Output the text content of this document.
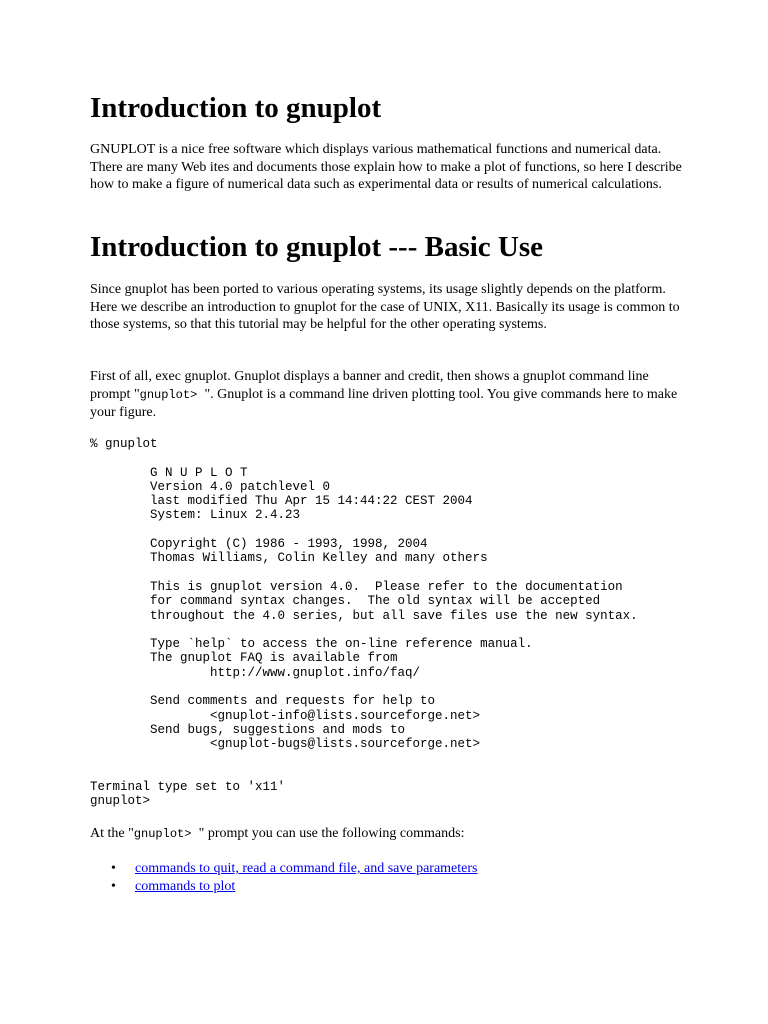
Introduction to gnuplot

GNUPLOT is a nice free software which displays various mathematical functions and numerical data. There are many Web ites and documents those explain how to make a plot of functions, so here I describe how to make a figure of numerical data such as experimental data or results of numerical calculations.

Introduction to gnuplot --- Basic Use

Since gnuplot has been ported to various operating systems, its usage slightly depends on the platform. Here we describe an introduction to gnuplot for the case of UNIX, X11. Basically its usage is common to those systems, so that this tutorial may be helpful for the other operating systems.

First of all, exec gnuplot. Gnuplot displays a banner and credit, then shows a gnuplot command line prompt "gnuplot> ". Gnuplot is a command line driven plotting tool. You give commands here to make your figure.

% gnuplot

G N U P L O T
Version 4.0 patchlevel 0
last modified Thu Apr 15 14:44:22 CEST 2004
System: Linux 2.4.23

Copyright (C) 1986 - 1993, 1998, 2004
Thomas Williams, Colin Kelley and many others

This is gnuplot version 4.0.  Please refer to the documentation
for command syntax changes.  The old syntax will be accepted
throughout the 4.0 series, but all save files use the new syntax.

Type `help` to access the on-line reference manual.
The gnuplot FAQ is available from
http://www.gnuplot.info/faq/

Send comments and requests for help to
<gnuplot-info@lists.sourceforge.net>
Send bugs, suggestions and mods to
<gnuplot-bugs@lists.sourceforge.net>

Terminal type set to 'x11'
gnuplot>

At the "gnuplot> " prompt you can use the following commands:

• commands to quit, read a command file, and save parameters
• commands to plot
